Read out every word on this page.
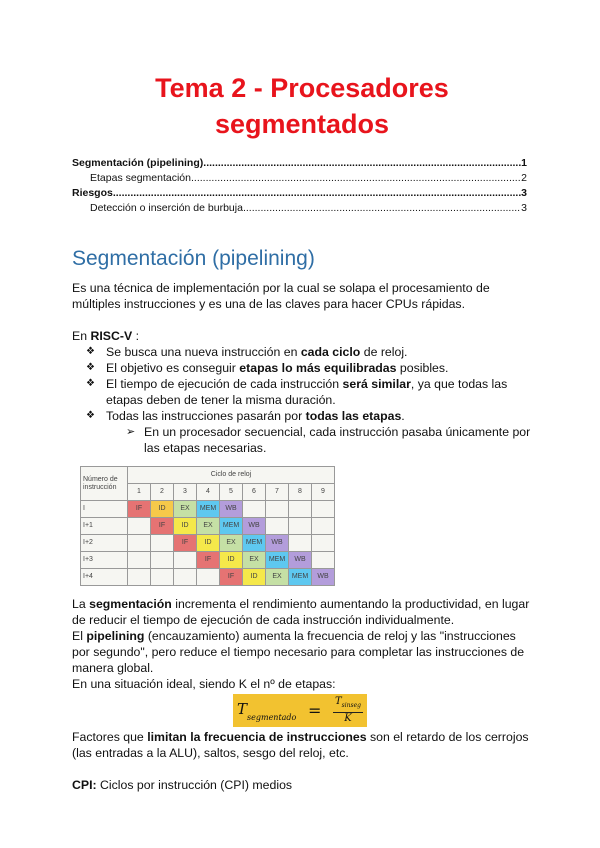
Tema 2 - Procesadores segmentados
Segmentación (pipelining). .....	1
Etapas segmentación .....	2
Riesgos. .....	3
Detección o inserción de burbuja .....	3
Segmentación (pipelining)
Es una técnica de implementación por la cual se solapa el procesamiento de múltiples instrucciones y es una de las claves para hacer CPUs rápidas.
En RISC-V :
❖ Se busca una nueva instrucción en cada ciclo de reloj.
❖ El objetivo es conseguir etapas lo más equilibradas posibles.
❖ El tiempo de ejecución de cada instrucción será similar, ya que todas las etapas deben de tener la misma duración.
❖ Todas las instrucciones pasarán por todas las etapas.
➢ En un procesador secuencial, cada instrucción pasaba únicamente por las etapas necesarias.
Número de instrucción	Ciclo de reloj								
	1	2	3	4	5	6	7	8	9
I	IF	ID	EX	MEM	WB				
I+1		IF	ID	EX	MEM	WB			
I+2			IF	ID	EX	MEM	WB		
I+3				IF	ID	EX	MEM	WB	
I+4					IF	ID	EX	MEM	WB
La segmentación incrementa el rendimiento aumentando la productividad, en lugar de reducir el tiempo de ejecución de cada instrucción individualmente.
El pipelining (encauzamiento) aumenta la frecuencia de reloj y las "instrucciones por segundo", pero reduce el tiempo necesario para completar las instrucciones de manera global.
En una situación ideal, siendo K el nº de etapas:
$T_{segmentado} = \frac{T_{sinseg}}{K}$
Factores que limitan la frecuencia de instrucciones son el retardo de los cerrojos (las entradas a la ALU), saltos, sesgo del reloj, etc.
CPI: Ciclos por instrucción (CPI) medios
